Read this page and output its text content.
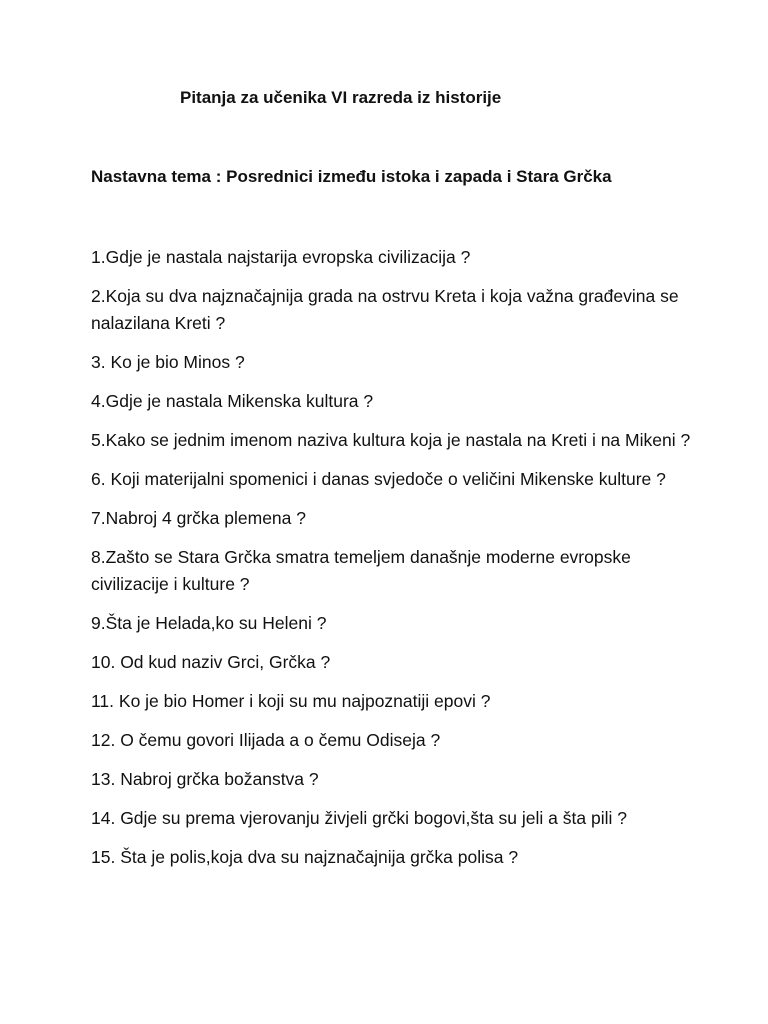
Pitanja za učenika VI razreda iz historije
Nastavna tema : Posrednici između istoka i zapada i Stara Grčka
1.Gdje je nastala najstarija evropska civilizacija ?
2.Koja su dva najznačajnija grada na ostrvu Kreta i koja važna građevina se nalazilana Kreti ?
3. Ko je bio Minos ?
4.Gdje je nastala Mikenska kultura ?
5.Kako se jednim imenom naziva kultura koja je nastala na Kreti i na Mikeni ?
6. Koji materijalni spomenici i danas svjedoče o veličini Mikenske kulture ?
7.Nabroj 4 grčka plemena ?
8.Zašto se Stara Grčka smatra temeljem današnje moderne evropske civilizacije i kulture ?
9.Šta je Helada,ko su Heleni ?
10. Od kud naziv Grci, Grčka ?
11. Ko je bio Homer i koji su mu najpoznatiji epovi ?
12. O čemu govori Ilijada a o čemu Odiseja ?
13. Nabroj grčka božanstva ?
14. Gdje su prema vjerovanju živjeli grčki bogovi,šta su jeli a šta pili ?
15. Šta je polis,koja dva su najznačajnija grčka polisa ?
